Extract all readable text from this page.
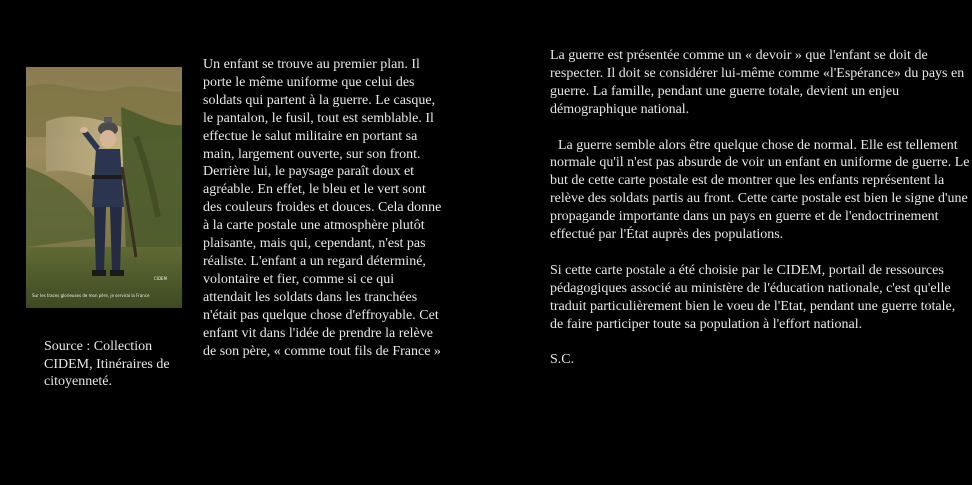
CIDEM
Sur les traces glorieuses de mon père, je servirai la France

Source : Collection CIDEM, Itinéraires de citoyenneté.

Un enfant se trouve au premier plan. Il porte le même uniforme que celui des soldats qui partent à la guerre. Le casque, le pantalon, le fusil, tout est semblable. Il effectue le salut militaire en portant sa main, largement ouverte, sur son front. Derrière lui, le paysage paraît doux et agréable. En effet, le bleu et le vert sont des couleurs froides et douces. Cela donne à la carte postale une atmosphère plutôt plaisante, mais qui, cependant, n'est pas réaliste. L'enfant a un regard déterminé, volontaire et fier, comme si ce qui attendait les soldats dans les tranchées n'était pas quelque chose d'effroyable. Cet enfant vit dans l'idée de prendre la relève de son père, « comme tout fils de France »

La guerre est présentée comme un « devoir » que l'enfant se doit de respecter. Il doit se considérer lui-même comme «l'Espérance» du pays en guerre. La famille, pendant une guerre totale, devient un enjeu démographique national.

La guerre semble alors être quelque chose de normal. Elle est tellement normale qu'il n'est pas absurde de voir un enfant en uniforme de guerre. Le but de cette carte postale est de montrer que les enfants représentent la relève des soldats partis au front. Cette carte postale est bien le signe d'une propagande importante dans un pays en guerre et de l'endoctrinement effectué par l'État auprès des populations.

Si cette carte postale a été choisie par le CIDEM, portail de ressources pédagogiques associé au ministère de l'éducation nationale, c'est qu'elle traduit particulièrement bien le voeu de l'Etat, pendant une guerre totale, de faire participer toute sa population à l'effort national.

S.C.
